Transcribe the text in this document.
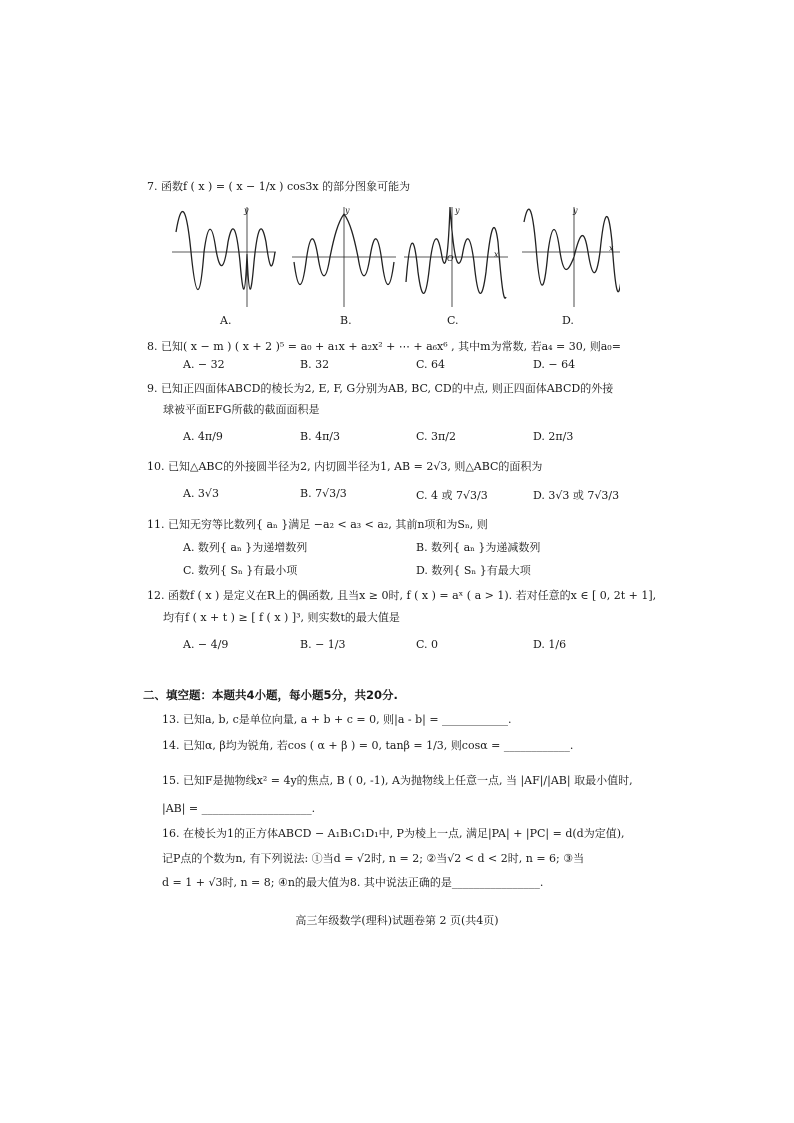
7. 函数f ( x ) = ( x − 1/x ) cos3x 的部分图象可能为
y	y	y	y
x
x
O
A.	B.	C.	D.
8. 已知( x − m ) ( x + 2 )⁵ = a₀ + a₁x + a₂x² + ⋯ + a₆x⁶ , 其中m为常数, 若a₄ = 30, 则a₀=
A. − 32	B. 32	C. 64	D. − 64
9. 已知正四面体ABCD的棱长为2, E, F, G分别为AB, BC, CD的中点, 则正四面体ABCD的外接
球被平面EFG所截的截面面积是
A. 4π/9	B. 4π/3	C. 3π/2	D. 2π/3
10. 已知△ABC的外接圆半径为2, 内切圆半径为1, AB = 2√3, 则△ABC的面积为
A. 3√3	B. 7√3/3	C. 4 或 7√3/3	D. 3√3 或 7√3/3
11. 已知无穷等比数列{ aₙ }满足 −a₂ < a₃ < a₂, 其前n项和为Sₙ, 则
A. 数列{ aₙ }为递增数列	B. 数列{ aₙ }为递减数列
C. 数列{ Sₙ }有最小项	D. 数列{ Sₙ }有最大项
12. 函数f ( x ) 是定义在R上的偶函数, 且当x ≥ 0时, f ( x ) = aˣ ( a > 1). 若对任意的x ∈ [ 0, 2t + 1],
均有f ( x + t ) ≥ [ f ( x ) ]³, 则实数t的最大值是
A. − 4/9	B. − 1/3	C. 0	D. 1/6
二、填空题：本题共4小题，每小题5分，共20分.
13. 已知a, b, c是单位向量, a + b + c = 0, 则|a - b| = ____________.
14. 已知α, β均为锐角, 若cos ( α + β ) = 0, tanβ = 1/3, 则cosα = ____________.
15. 已知F是抛物线x² = 4y的焦点, B ( 0, -1), A为抛物线上任意一点, 当 |AF|/|AB| 取最小值时,
|AB| = ____________________.
16. 在棱长为1的正方体ABCD − A₁B₁C₁D₁中, P为棱上一点, 满足|PA| + |PC| = d(d为定值),
记P点的个数为n, 有下列说法: ①当d = √2时, n = 2; ②当√2 < d < 2时, n = 6; ③当
d = 1 + √3时, n = 8; ④n的最大值为8. 其中说法正确的是________________.
高三年级数学(理科)试题卷第 2 页(共4页)
